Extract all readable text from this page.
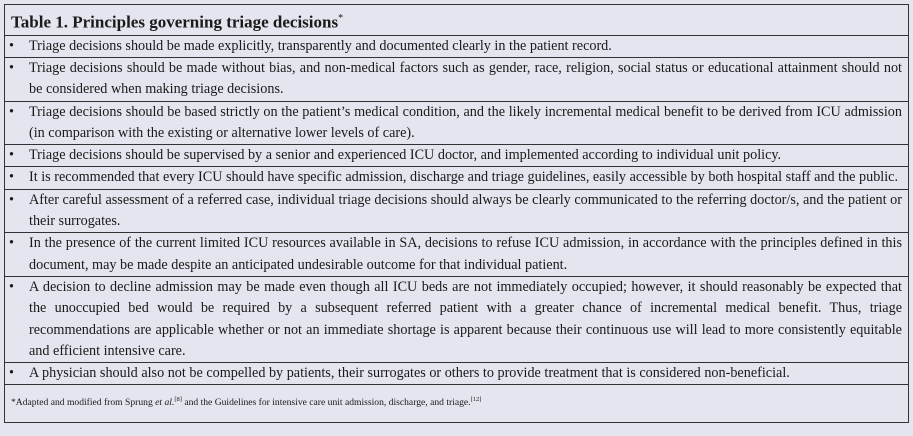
Table 1. Principles governing triage decisions*
•	Triage decisions should be made explicitly, transparently and documented clearly in the patient record.
•	Triage decisions should be made without bias, and non-medical factors such as gender, race, religion, social status or educational attainment should not be considered when making triage decisions.
•	Triage decisions should be based strictly on the patient’s medical condition, and the likely incremental medical benefit to be derived from ICU admission (in comparison with the existing or alternative lower levels of care).
•	Triage decisions should be supervised by a senior and experienced ICU doctor, and implemented according to individual unit policy.
•	It is recommended that every ICU should have specific admission, discharge and triage guidelines, easily accessible by both hospital staff and the public.
•	After careful assessment of a referred case, individual triage decisions should always be clearly communicated to the referring doctor/s, and the patient or their surrogates.
•	In the presence of the current limited ICU resources available in SA, decisions to refuse ICU admission, in accordance with the principles defined in this document, may be made despite an anticipated undesirable outcome for that individual patient.
•	A decision to decline admission may be made even though all ICU beds are not immediately occupied; however, it should reasonably be expected that the unoccupied bed would be required by a subsequent referred patient with a greater chance of incremental medical benefit. Thus, triage recommendations are applicable whether or not an immediate shortage is apparent because their continuous use will lead to more consistently equitable and efficient intensive care.
•	A physician should also not be compelled by patients, their surrogates or others to provide treatment that is considered non-beneficial.
*Adapted and modified from Sprung et al.[8] and the Guidelines for intensive care unit admission, discharge, and triage.[12]
